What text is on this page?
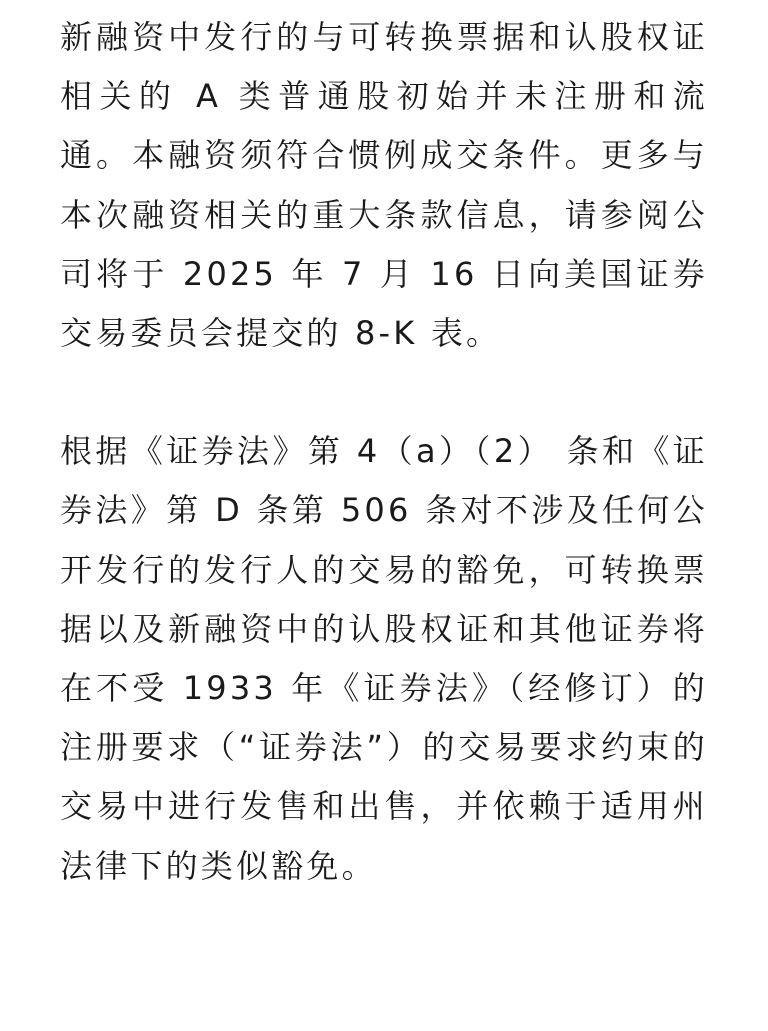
新融资中发行的与可转换票据和认股权证相关的 A 类普通股初始并未注册和流通。本融资须符合惯例成交条件。更多与本次融资相关的重大条款信息，请参阅公司将于 2025 年 7 月 16 日向美国证券交易委员会提交的 8-K 表。

根据《证券法》第 4（a）（2） 条和《证券法》第 D 条第 506 条对不涉及任何公开发行的发行人的交易的豁免，可转换票据以及新融资中的认股权证和其他证券将在不受 1933 年《证券法》（经修订）的注册要求（“证券法”）的交易要求约束的交易中进行发售和出售，并依赖于适用州法律下的类似豁免。
